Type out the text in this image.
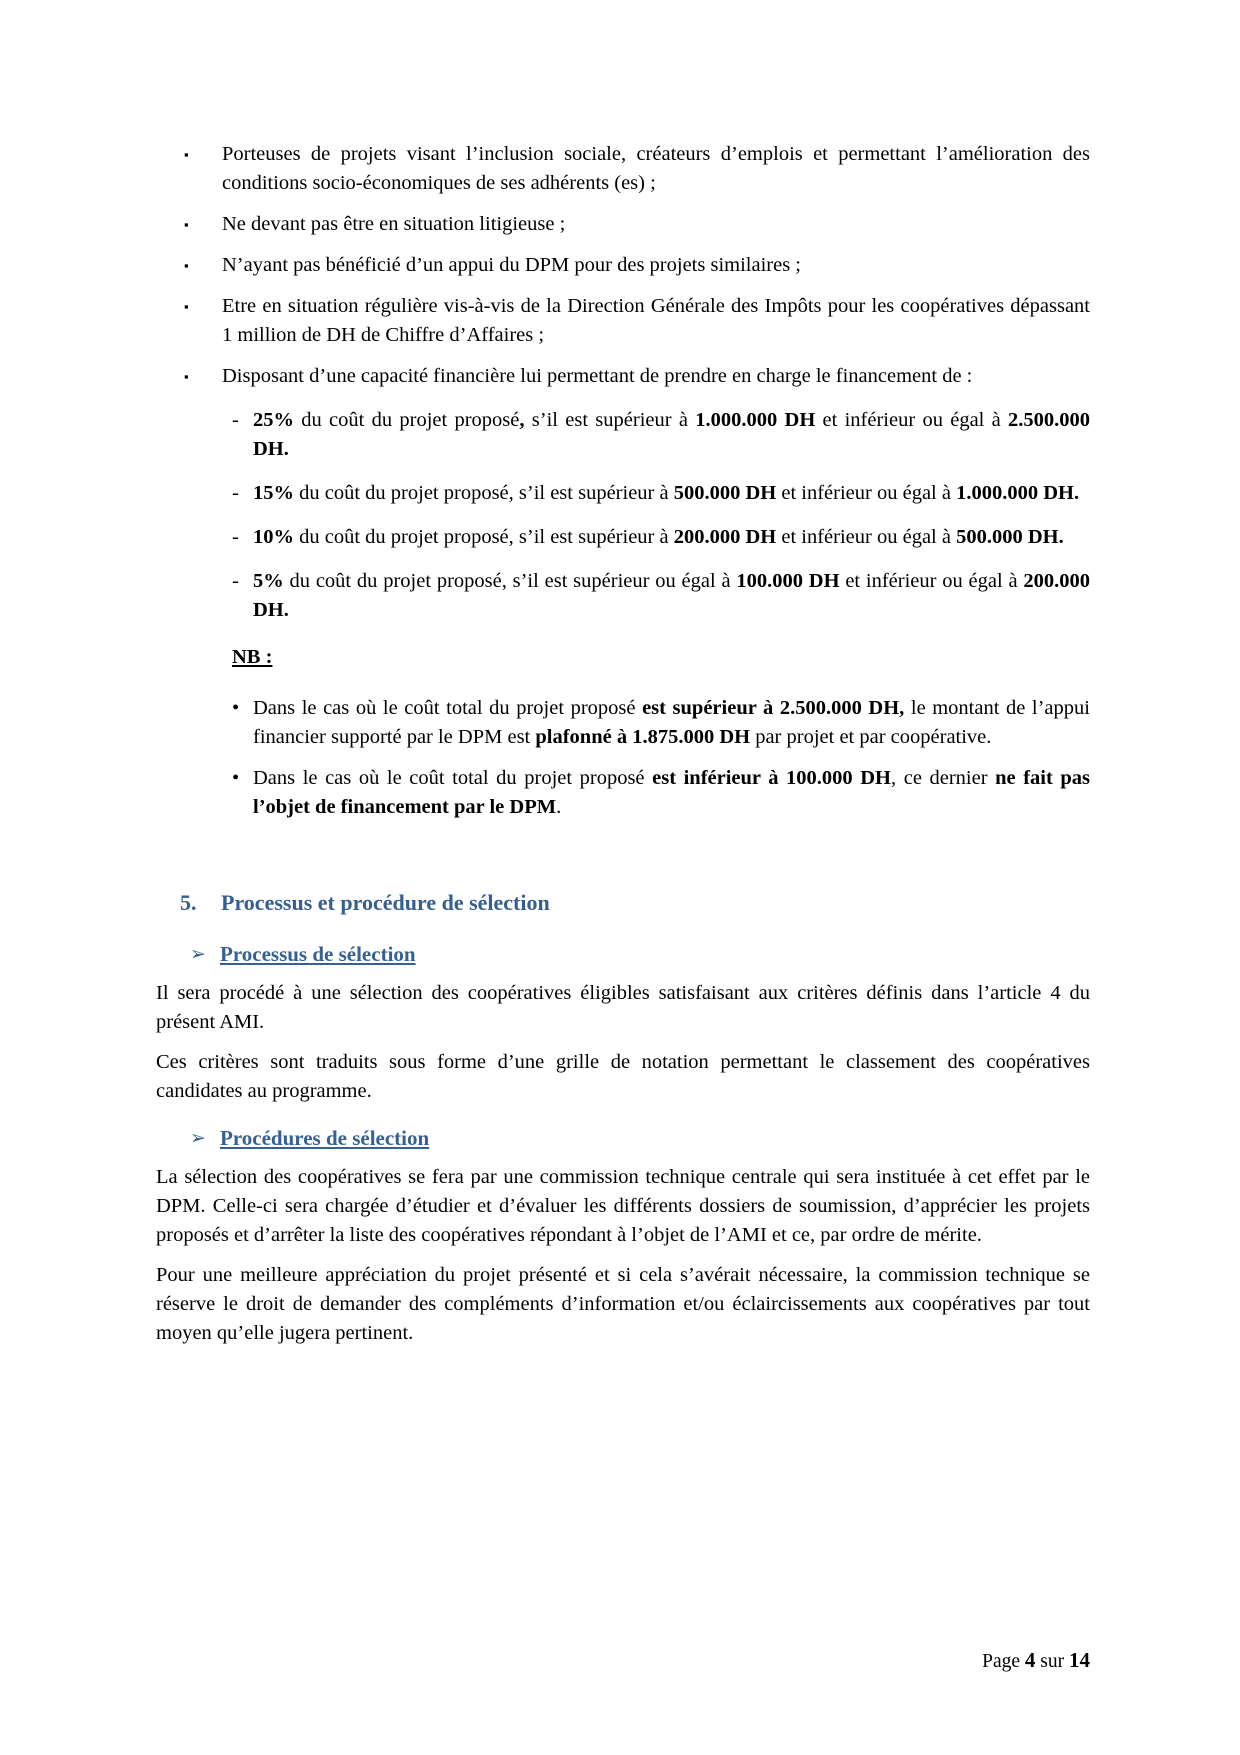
▪	Porteuses de projets visant l’inclusion sociale, créateurs d’emplois et permettant l’amélioration des conditions socio-économiques de ses adhérents (es) ;
▪	Ne devant pas être en situation litigieuse ;
▪	N’ayant pas bénéficié d’un appui du DPM pour des projets similaires ;
▪	Etre en situation régulière vis-à-vis de la Direction Générale des Impôts pour les coopératives dépassant 1 million de DH de Chiffre d’Affaires ;
▪	Disposant d’une capacité financière lui permettant de prendre en charge le financement de :
- 25% du coût du projet proposé, s’il est supérieur à 1.000.000 DH et inférieur ou égal à 2.500.000 DH.
- 15% du coût du projet proposé, s’il est supérieur à 500.000 DH et inférieur ou égal à 1.000.000 DH.
- 10% du coût du projet proposé, s’il est supérieur à 200.000 DH et inférieur ou égal à 500.000 DH.
- 5% du coût du projet proposé, s’il est supérieur ou égal à 100.000 DH et inférieur ou égal à 200.000 DH.
NB :
• Dans le cas où le coût total du projet proposé est supérieur à 2.500.000 DH, le montant de l’appui financier supporté par le DPM est plafonné à 1.875.000 DH par projet et par coopérative.
• Dans le cas où le coût total du projet proposé est inférieur à 100.000 DH, ce dernier ne fait pas l’objet de financement par le DPM.
5.	Processus et procédure de sélection
➢ Processus de sélection
Il sera procédé à une sélection des coopératives éligibles satisfaisant aux critères définis dans l’article 4 du présent AMI.
Ces critères sont traduits sous forme d’une grille de notation permettant le classement des coopératives candidates au programme.
➢ Procédures de sélection
La sélection des coopératives se fera par une commission technique centrale qui sera instituée à cet effet par le DPM. Celle-ci sera chargée d’étudier et d’évaluer les différents dossiers de soumission, d’apprécier les projets proposés et d’arrêter la liste des coopératives répondant à l’objet de l’AMI et ce, par ordre de mérite.
Pour une meilleure appréciation du projet présenté et si cela s’avérait nécessaire, la commission technique se réserve le droit de demander des compléments d’information et/ou éclaircissements aux coopératives par tout moyen qu’elle jugera pertinent.
Page 4 sur 14
